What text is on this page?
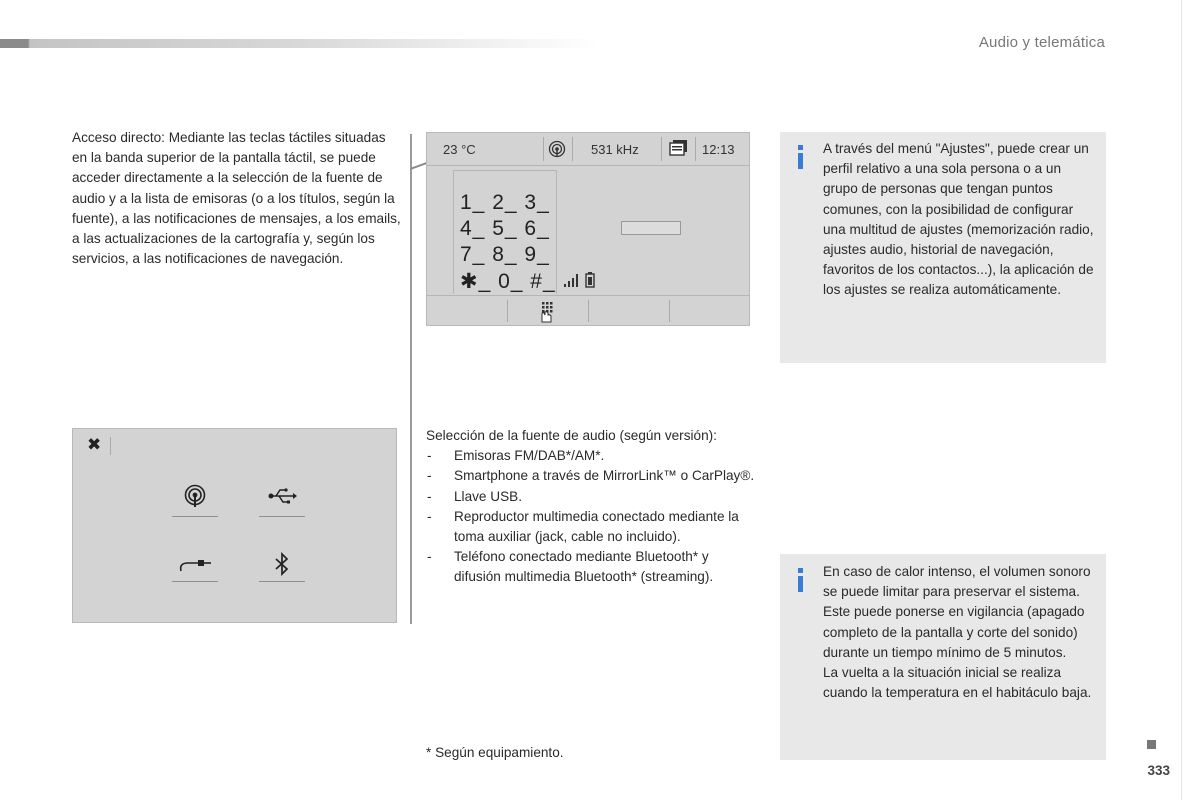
Audio y telemática
Acceso directo: Mediante las teclas táctiles situadas en la banda superior de la pantalla táctil, se puede acceder directamente a la selección de la fuente de audio y a la lista de emisoras (o a los títulos, según la fuente), a las notificaciones de mensajes, a los emails, a las actualizaciones de la cartografía y, según los servicios, a las notificaciones de navegación.
23 °C	531 kHz	12:13
1_ 2_ 3_
4_ 5_ 6_
7_ 8_ 9_
✱_ 0_ #_
✖	Selección de la fuente de audio (según versión):
- Emisoras FM/DAB*/AM*.
- Smartphone a través de MirrorLink™ o CarPlay®.
- Llave USB.
- Reproductor multimedia conectado mediante la toma auxiliar (jack, cable no incluido).
- Teléfono conectado mediante Bluetooth* y difusión multimedia Bluetooth* (streaming).
* Según equipamiento.
A través del menú "Ajustes", puede crear un perfil relativo a una sola persona o a un grupo de personas que tengan puntos comunes, con la posibilidad de configurar una multitud de ajustes (memorización radio, ajustes audio, historial de navegación, favoritos de los contactos...), la aplicación de los ajustes se realiza automáticamente.
En caso de calor intenso, el volumen sonoro se puede limitar para preservar el sistema. Este puede ponerse en vigilancia (apagado completo de la pantalla y corte del sonido) durante un tiempo mínimo de 5 minutos.
La vuelta a la situación inicial se realiza cuando la temperatura en el habitáculo baja.
333
